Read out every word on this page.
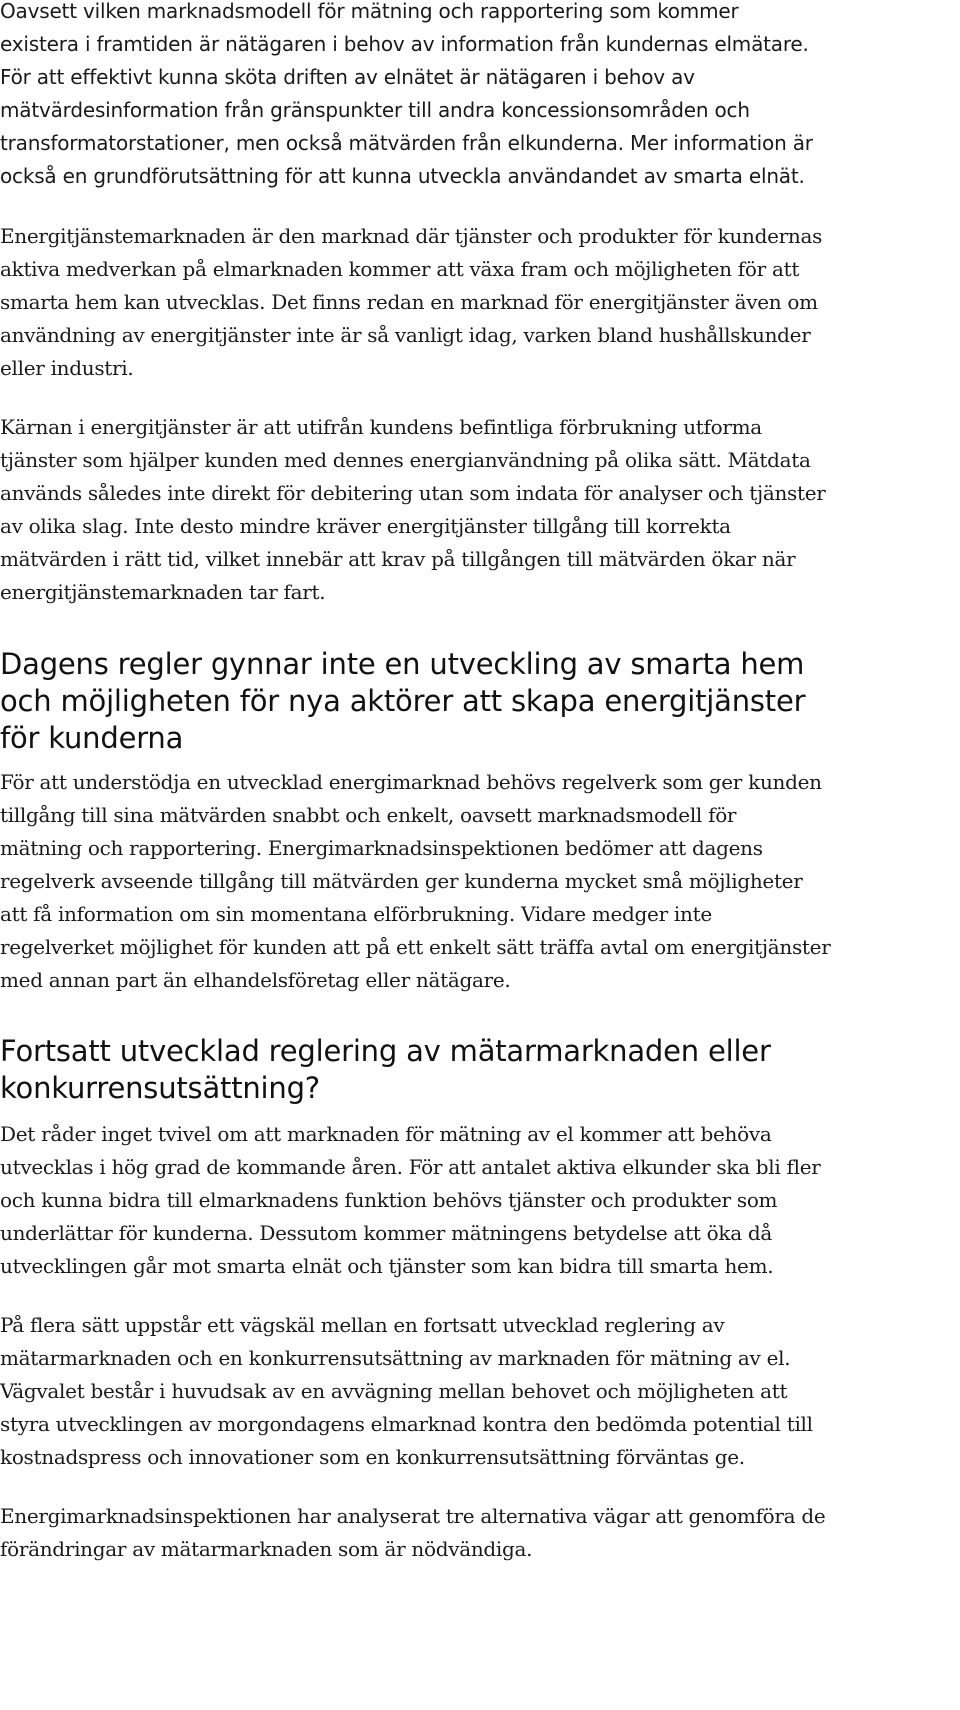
Oavsett vilken marknadsmodell för mätning och rapportering som kommer
existera i framtiden är nätägaren i behov av information från kundernas elmätare.
För att effektivt kunna sköta driften av elnätet är nätägaren i behov av
mätvärdesinformation från gränspunkter till andra koncessionsområden och
transformatorstationer, men också mätvärden från elkunderna. Mer information är
också en grundförutsättning för att kunna utveckla användandet av smarta elnät.

Energitjänstemarknaden är den marknad där tjänster och produkter för kundernas
aktiva medverkan på elmarknaden kommer att växa fram och möjligheten för att
smarta hem kan utvecklas. Det finns redan en marknad för energitjänster även om
användning av energitjänster inte är så vanligt idag, varken bland hushållskunder
eller industri.

Kärnan i energitjänster är att utifrån kundens befintliga förbrukning utforma
tjänster som hjälper kunden med dennes energianvändning på olika sätt. Mätdata
används således inte direkt för debitering utan som indata för analyser och tjänster
av olika slag. Inte desto mindre kräver energitjänster tillgång till korrekta
mätvärden i rätt tid, vilket innebär att krav på tillgången till mätvärden ökar när
energitjänstemarknaden tar fart.

Dagens regler gynnar inte en utveckling av smarta hem
och möjligheten för nya aktörer att skapa energitjänster
för kunderna

För att understödja en utvecklad energimarknad behövs regelverk som ger kunden
tillgång till sina mätvärden snabbt och enkelt, oavsett marknadsmodell för
mätning och rapportering. Energimarknadsinspektionen bedömer att dagens
regelverk avseende tillgång till mätvärden ger kunderna mycket små möjligheter
att få information om sin momentana elförbrukning. Vidare medger inte
regelverket möjlighet för kunden att på ett enkelt sätt träffa avtal om energitjänster
med annan part än elhandelsföretag eller nätägare.

Fortsatt utvecklad reglering av mätarmarknaden eller
konkurrensutsättning?

Det råder inget tvivel om att marknaden för mätning av el kommer att behöva
utvecklas i hög grad de kommande åren. För att antalet aktiva elkunder ska bli fler
och kunna bidra till elmarknadens funktion behövs tjänster och produkter som
underlättar för kunderna. Dessutom kommer mätningens betydelse att öka då
utvecklingen går mot smarta elnät och tjänster som kan bidra till smarta hem.

På flera sätt uppstår ett vägskäl mellan en fortsatt utvecklad reglering av
mätarmarknaden och en konkurrensutsättning av marknaden för mätning av el.
Vägvalet består i huvudsak av en avvägning mellan behovet och möjligheten att
styra utvecklingen av morgondagens elmarknad kontra den bedömda potential till
kostnadspress och innovationer som en konkurrensutsättning förväntas ge.

Energimarknadsinspektionen har analyserat tre alternativa vägar att genomföra de
förändringar av mätarmarknaden som är nödvändiga.
